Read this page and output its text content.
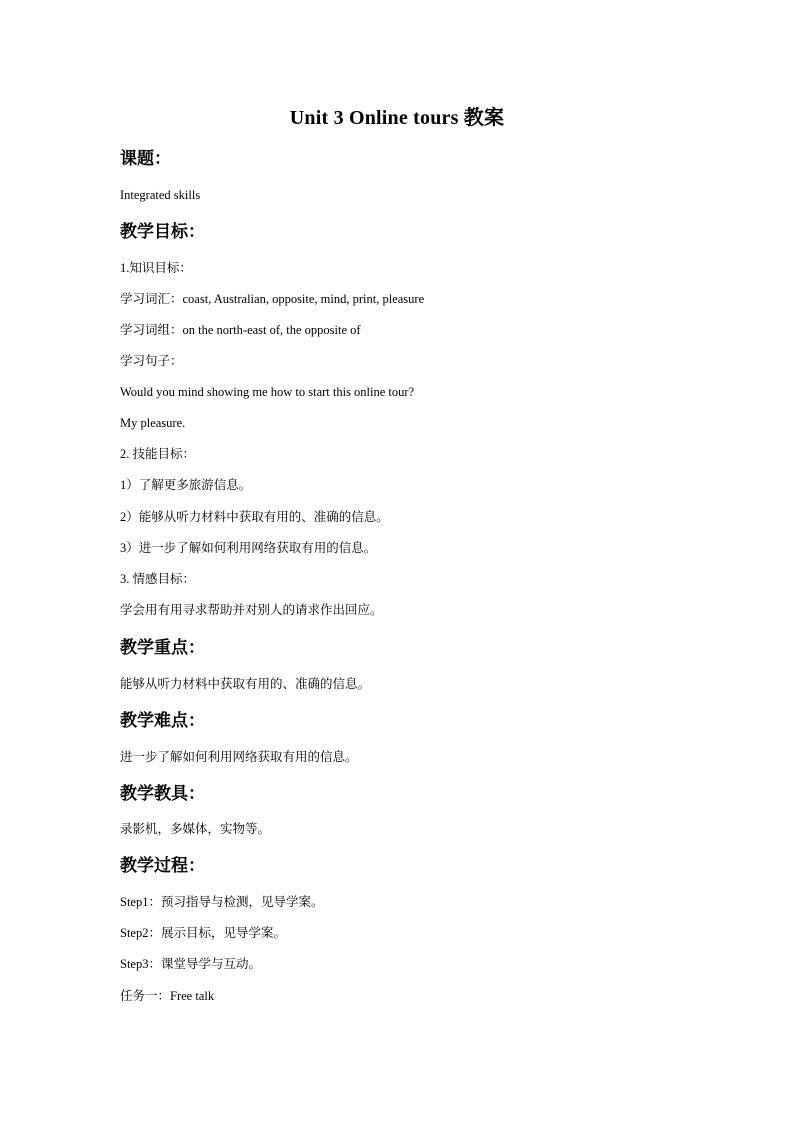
Unit 3 Online tours 教案
课题：
Integrated skills
教学目标：
1.知识目标：
学习词汇：coast, Australian, opposite, mind, print, pleasure
学习词组：on the north-east of, the opposite of
学习句子：
Would you mind showing me how to start this online tour?
My pleasure.
2. 技能目标：
1）了解更多旅游信息。
2）能够从听力材料中获取有用的、准确的信息。
3）进一步了解如何利用网络获取有用的信息。
3. 情感目标：
学会用有用寻求帮助并对别人的请求作出回应。
教学重点：
能够从听力材料中获取有用的、准确的信息。
教学难点：
进一步了解如何利用网络获取有用的信息。
教学教具：
录影机，多媒体，实物等。
教学过程：
Step1：预习指导与检测，见导学案。
Step2：展示目标，见导学案。
Step3：课堂导学与互动。
任务一：Free talk
